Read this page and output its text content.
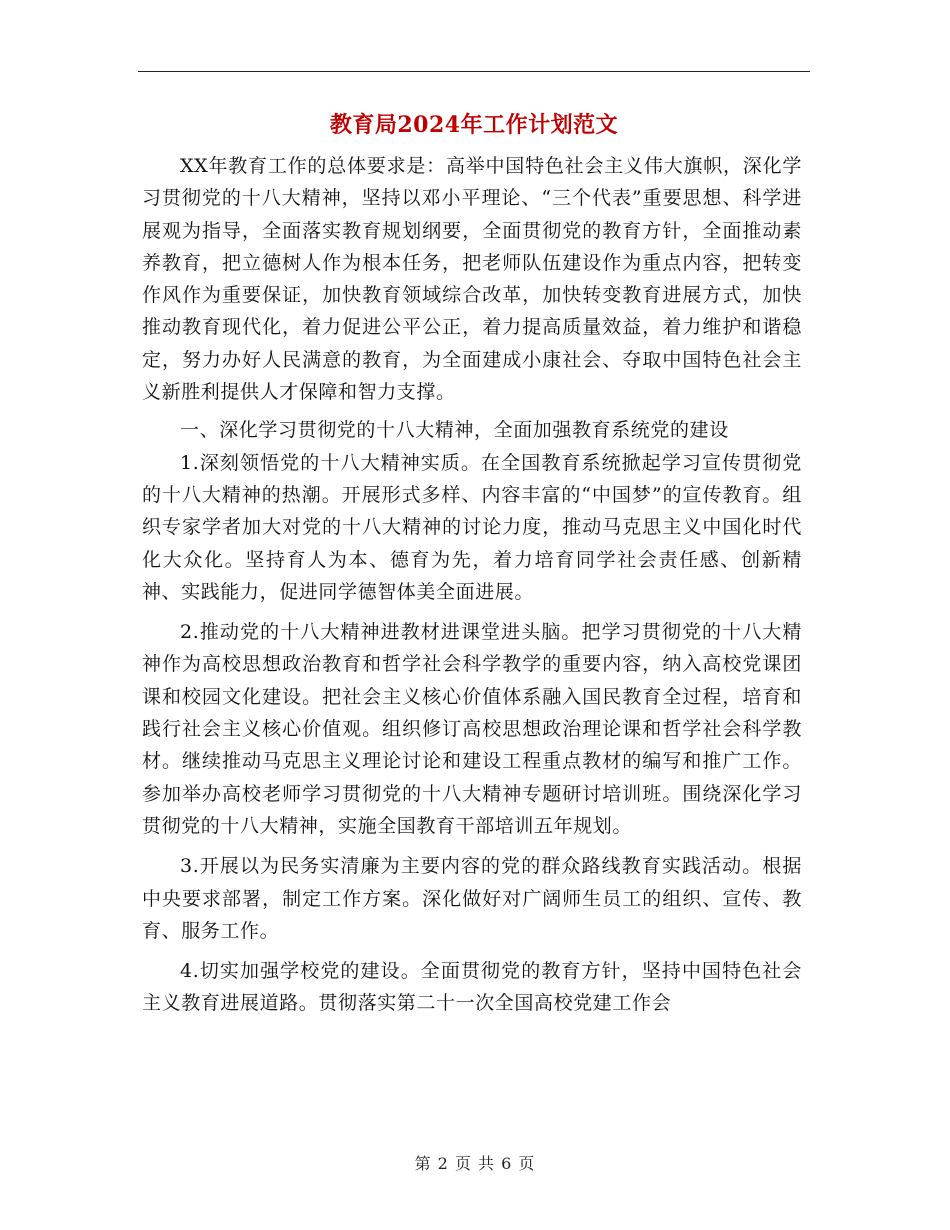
教育局2024年工作计划范文

XX年教育工作的总体要求是：高举中国特色社会主义伟大旗帜，深化学习贯彻党的十八大精神，坚持以邓小平理论、“三个代表”重要思想、科学进展观为指导，全面落实教育规划纲要，全面贯彻党的教育方针，全面推动素养教育，把立德树人作为根本任务，把老师队伍建设作为重点内容，把转变作风作为重要保证，加快教育领域综合改革，加快转变教育进展方式，加快推动教育现代化，着力促进公平公正，着力提高质量效益，着力维护和谐稳定，努力办好人民满意的教育，为全面建成小康社会、夺取中国特色社会主义新胜利提供人才保障和智力支撑。

一、深化学习贯彻党的十八大精神，全面加强教育系统党的建设

1.深刻领悟党的十八大精神实质。在全国教育系统掀起学习宣传贯彻党的十八大精神的热潮。开展形式多样、内容丰富的“中国梦”的宣传教育。组织专家学者加大对党的十八大精神的讨论力度，推动马克思主义中国化时代化大众化。坚持育人为本、德育为先，着力培育同学社会责任感、创新精神、实践能力，促进同学德智体美全面进展。

2.推动党的十八大精神进教材进课堂进头脑。把学习贯彻党的十八大精神作为高校思想政治教育和哲学社会科学教学的重要内容，纳入高校党课团课和校园文化建设。把社会主义核心价值体系融入国民教育全过程，培育和践行社会主义核心价值观。组织修订高校思想政治理论课和哲学社会科学教材。继续推动马克思主义理论讨论和建设工程重点教材的编写和推广工作。参加举办高校老师学习贯彻党的十八大精神专题研讨培训班。围绕深化学习贯彻党的十八大精神，实施全国教育干部培训五年规划。

3.开展以为民务实清廉为主要内容的党的群众路线教育实践活动。根据中央要求部署，制定工作方案。深化做好对广阔师生员工的组织、宣传、教育、服务工作。

4.切实加强学校党的建设。全面贯彻党的教育方针，坚持中国特色社会主义教育进展道路。贯彻落实第二十一次全国高校党建工作会

第 2 页 共 6 页
